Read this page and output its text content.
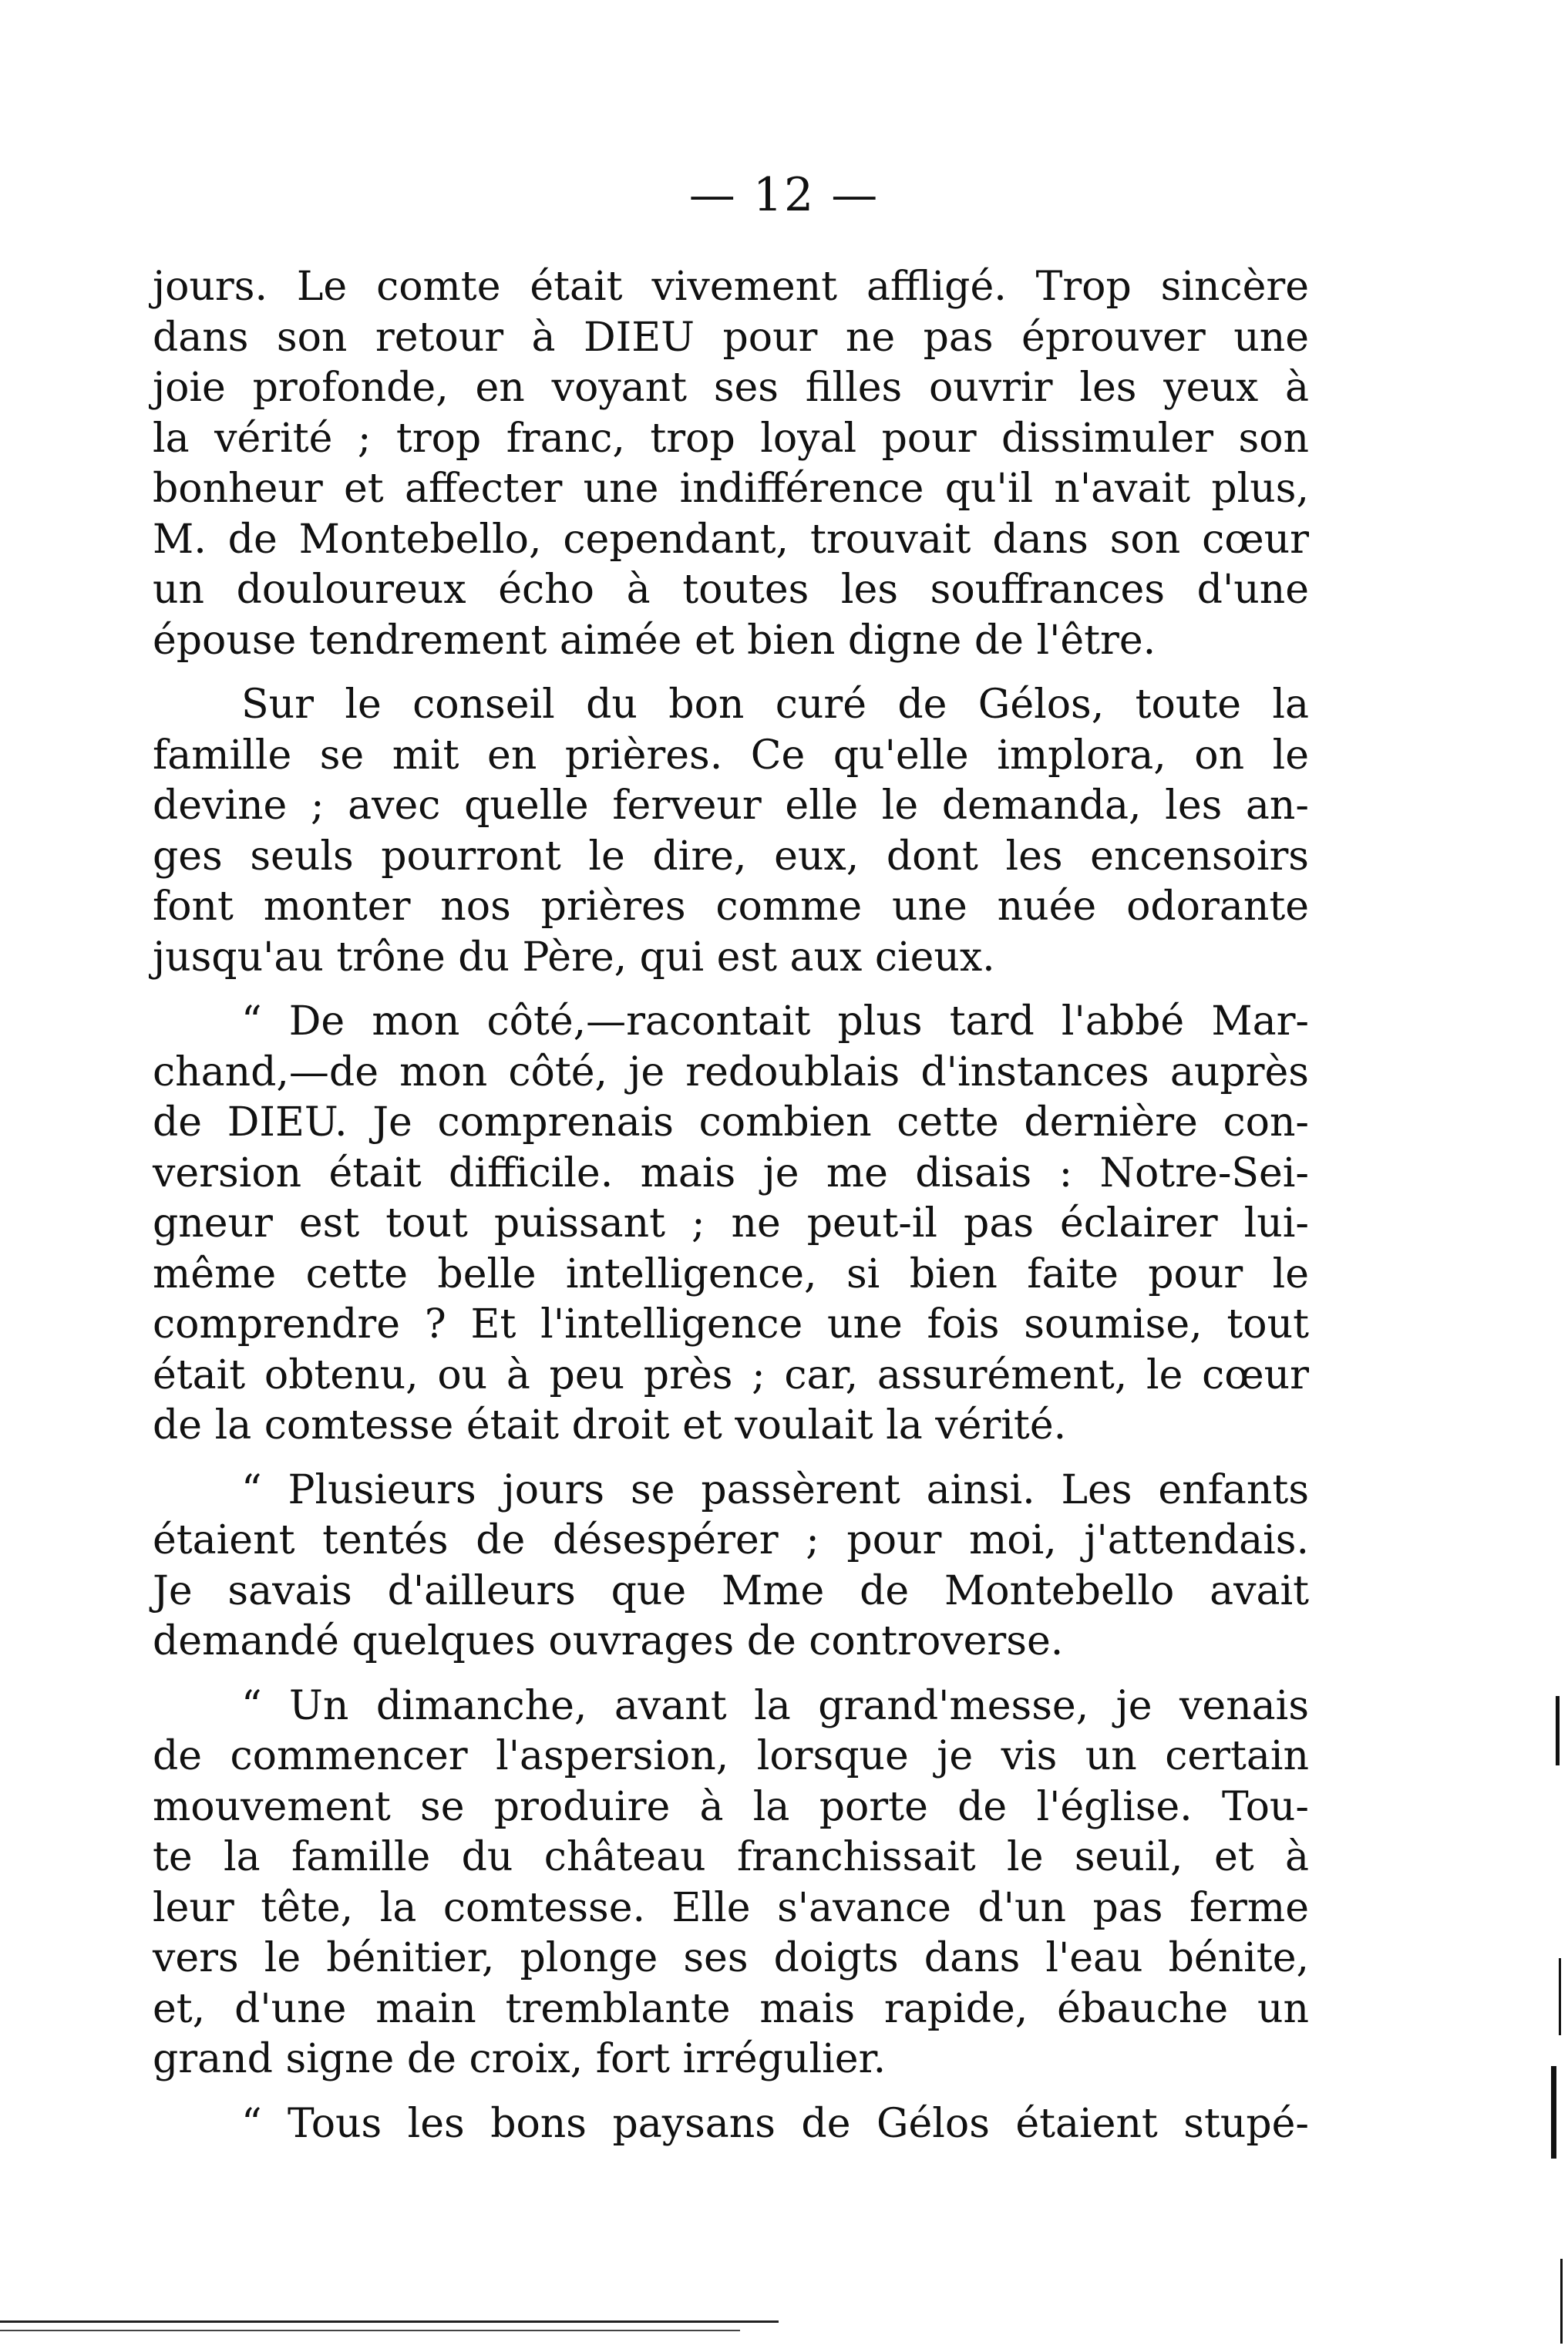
— 12 —
jours. Le comte était vivement affligé. Trop sincère
dans son retour à DIEU pour ne pas éprouver une
joie profonde, en voyant ses filles ouvrir les yeux à
la vérité ; trop franc, trop loyal pour dissimuler son
bonheur et affecter une indifférence qu'il n'avait plus,
M. de Montebello, cependant, trouvait dans son cœur
un douloureux écho à toutes les souffrances d'une
épouse tendrement aimée et bien digne de l'être.
Sur le conseil du bon curé de Gélos, toute la
famille se mit en prières. Ce qu'elle implora, on le
devine ; avec quelle ferveur elle le demanda, les an-
ges seuls pourront le dire, eux, dont les encensoirs
font monter nos prières comme une nuée odorante
jusqu'au trône du Père, qui est aux cieux.
“ De mon côté,—racontait plus tard l'abbé Mar-
chand,—de mon côté, je redoublais d'instances auprès
de DIEU. Je comprenais combien cette dernière con-
version était difficile. mais je me disais : Notre-Sei-
gneur est tout puissant ; ne peut-il pas éclairer lui-
même cette belle intelligence, si bien faite pour le
comprendre ? Et l'intelligence une fois soumise, tout
était obtenu, ou à peu près ; car, assurément, le cœur
de la comtesse était droit et voulait la vérité.
“ Plusieurs jours se passèrent ainsi. Les enfants
étaient tentés de désespérer ; pour moi, j'attendais.
Je savais d'ailleurs que Mme de Montebello avait
demandé quelques ouvrages de controverse.
“ Un dimanche, avant la grand'messe, je venais
de commencer l'aspersion, lorsque je vis un certain
mouvement se produire à la porte de l'église. Tou-
te la famille du château franchissait le seuil, et à
leur tête, la comtesse. Elle s'avance d'un pas ferme
vers le bénitier, plonge ses doigts dans l'eau bénite,
et, d'une main tremblante mais rapide, ébauche un
grand signe de croix, fort irrégulier.
“ Tous les bons paysans de Gélos étaient stupé-
